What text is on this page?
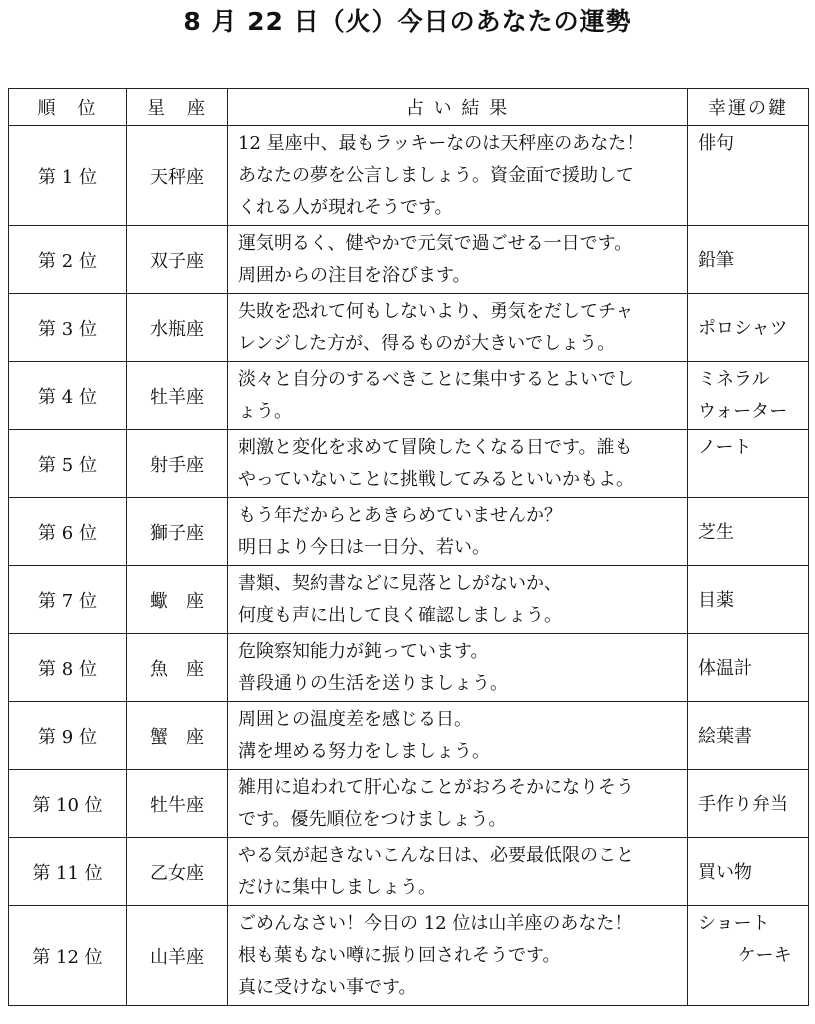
8 月 22 日（火）今日のあなたの運勢
順　位	星　座	占 い 結 果	幸運の鍵
第 1 位	天秤座	12 星座中、最もラッキーなのは天秤座のあなた！
あなたの夢を公言しましょう。資金面で援助して
くれる人が現れそうです。	俳句

第 2 位	双子座	運気明るく、健やかで元気で過ごせる一日です。
周囲からの注目を浴びます。	鉛筆

第 3 位	水瓶座	失敗を恐れて何もしないより、勇気をだしてチャ
レンジした方が、得るものが大きいでしょう。	ポロシャツ

第 4 位	牡羊座	淡々と自分のするべきことに集中するとよいでし
ょう。	ミネラル
ウォーター

第 5 位	射手座	刺激と変化を求めて冒険したくなる日です。誰も
やっていないことに挑戦してみるといいかもよ。	ノート

第 6 位	獅子座	もう年だからとあきらめていませんか？
明日より今日は一日分、若い。	芝生

第 7 位	蠍　座	書類、契約書などに見落としがないか、
何度も声に出して良く確認しましょう。	目薬

第 8 位	魚　座	危険察知能力が鈍っています。
普段通りの生活を送りましょう。	体温計

第 9 位	蟹　座	周囲との温度差を感じる日。
溝を埋める努力をしましょう。	絵葉書

第 10 位	牡牛座	雑用に追われて肝心なことがおろそかになりそう
です。優先順位をつけましょう。	手作り弁当

第 11 位	乙女座	やる気が起きないこんな日は、必要最低限のこと
だけに集中しましょう。	買い物

第 12 位	山羊座	ごめんなさい！今日の 12 位は山羊座のあなた！
根も葉もない噂に振り回されそうです。
真に受けない事です。	ショート
ケーキ
